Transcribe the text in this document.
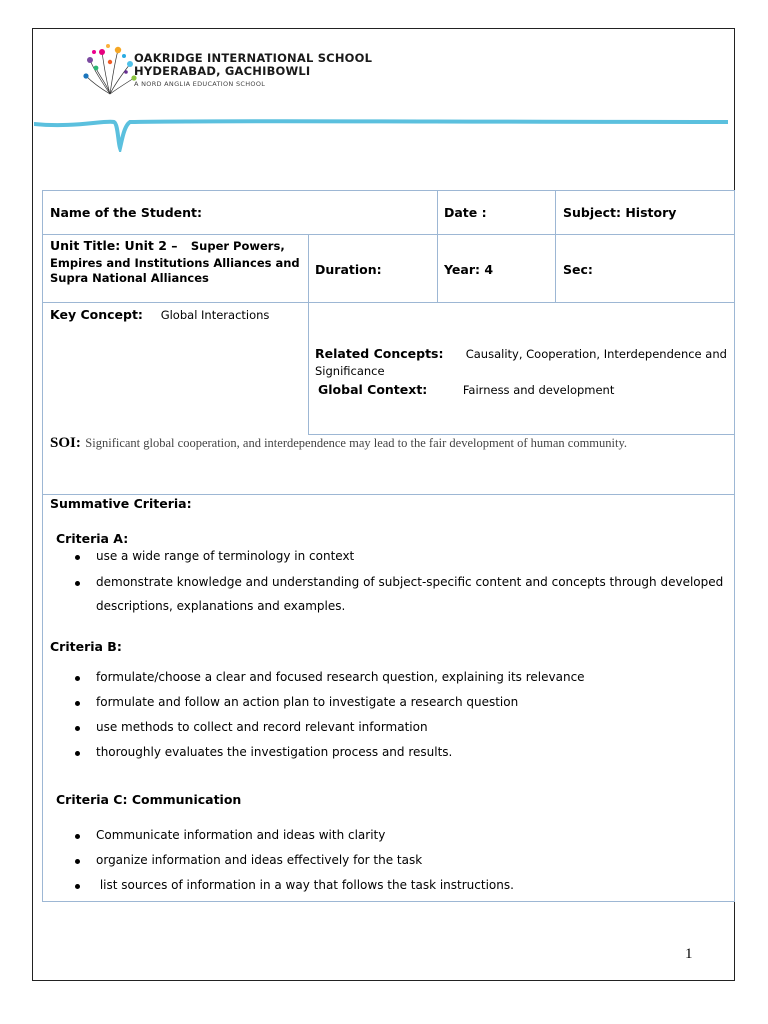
OAKRIDGE INTERNATIONAL SCHOOL
HYDERABAD, GACHIBOWLI
A NORD ANGLIA EDUCATION SCHOOL
Name of the Student:	Date :	Subject: History
Unit Title: Unit 2 – Super Powers,
Empires and Institutions Alliances and
Supra National Alliances
Duration:	Year: 4	Sec:
Key Concept: Global Interactions
Related Concepts: Causality, Cooperation, Interdependence and
Significance
Global Context:	Fairness and development
SOI: Significant global cooperation, and interdependence may lead to the fair development of human community.
Summative Criteria:
Criteria A:
use a wide range of terminology in context
demonstrate knowledge and understanding of subject-specific content and concepts through developed
descriptions, explanations and examples.
Criteria B:
formulate/choose a clear and focused research question, explaining its relevance
formulate and follow an action plan to investigate a research question
use methods to collect and record relevant information
thoroughly evaluates the investigation process and results.
Criteria C: Communication
Communicate information and ideas with clarity
organize information and ideas effectively for the task
list sources of information in a way that follows the task instructions.
1
